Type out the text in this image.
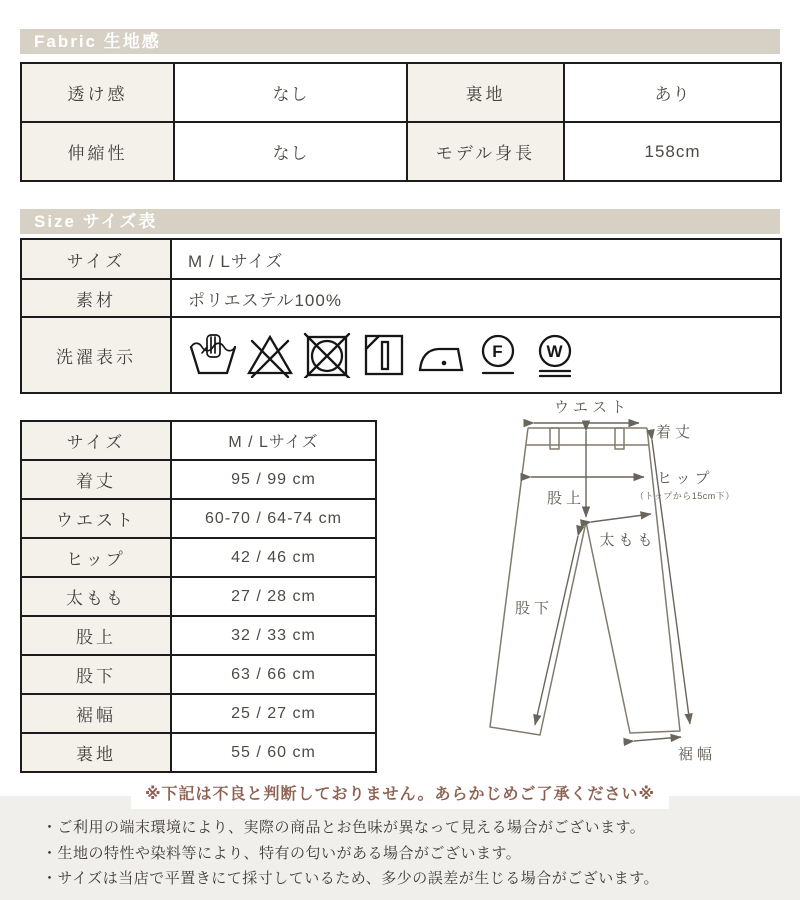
Fabric 生地感
透け感	なし	裏地	あり
伸縮性	なし	モデル身長	158cm
Size サイズ表
サイズ	M / Lサイズ
素材	ポリエステル100%
洗濯表示	F W
サイズ	M / Lサイズ
着丈	95 / 99 cm
ウエスト	60-70 / 64-74 cm
ヒップ	42 / 46 cm
太もも	27 / 28 cm
股上	32 / 33 cm
股下	63 / 66 cm
裾幅	25 / 27 cm
裏地	55 / 60 cm
ウエスト
着丈
ヒップ
（トップから15cm下）
股上
太もも
股下
裾幅
※下記は不良と判断しておりません。あらかじめご了承ください※
・ご利用の端末環境により、実際の商品とお色味が異なって見える場合がございます。
・生地の特性や染料等により、特有の匂いがある場合がございます。
・サイズは当店で平置きにて採寸しているため、多少の誤差が生じる場合がございます。
